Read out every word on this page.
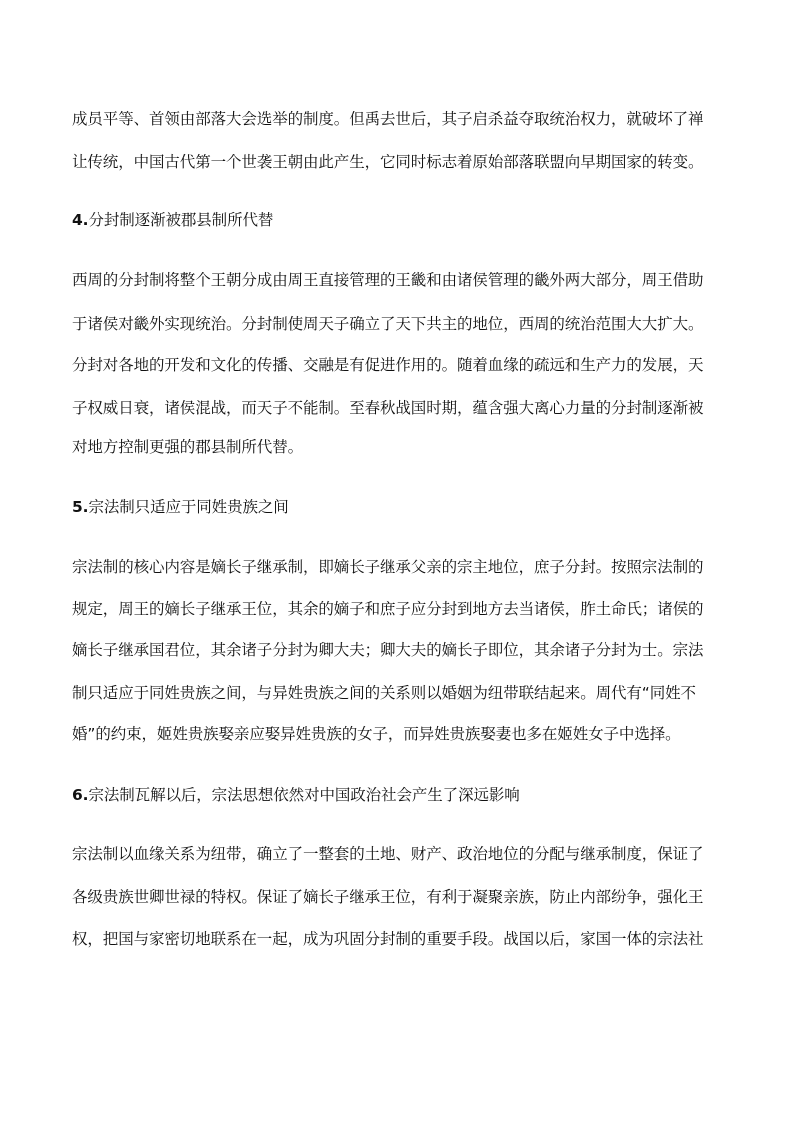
成员平等、首领由部落大会选举的制度。但禹去世后，其子启杀益夺取统治权力，就破坏了禅
让传统，中国古代第一个世袭王朝由此产生，它同时标志着原始部落联盟向早期国家的转变。
4.分封制逐渐被郡县制所代替
西周的分封制将整个王朝分成由周王直接管理的王畿和由诸侯管理的畿外两大部分，周王借助
于诸侯对畿外实现统治。分封制使周天子确立了天下共主的地位，西周的统治范围大大扩大。
分封对各地的开发和文化的传播、交融是有促进作用的。随着血缘的疏远和生产力的发展，天
子权威日衰，诸侯混战，而天子不能制。至春秋战国时期，蕴含强大离心力量的分封制逐渐被
对地方控制更强的郡县制所代替。
5.宗法制只适应于同姓贵族之间
宗法制的核心内容是嫡长子继承制，即嫡长子继承父亲的宗主地位，庶子分封。按照宗法制的
规定，周王的嫡长子继承王位，其余的嫡子和庶子应分封到地方去当诸侯，胙土命氏；诸侯的
嫡长子继承国君位，其余诸子分封为卿大夫；卿大夫的嫡长子即位，其余诸子分封为士。宗法
制只适应于同姓贵族之间，与异姓贵族之间的关系则以婚姻为纽带联结起来。周代有“同姓不
婚”的约束，姬姓贵族娶亲应娶异姓贵族的女子，而异姓贵族娶妻也多在姬姓女子中选择。
6.宗法制瓦解以后，宗法思想依然对中国政治社会产生了深远影响
宗法制以血缘关系为纽带，确立了一整套的土地、财产、政治地位的分配与继承制度，保证了
各级贵族世卿世禄的特权。保证了嫡长子继承王位，有利于凝聚亲族，防止内部纷争，强化王
权，把国与家密切地联系在一起，成为巩固分封制的重要手段。战国以后，家国一体的宗法社
